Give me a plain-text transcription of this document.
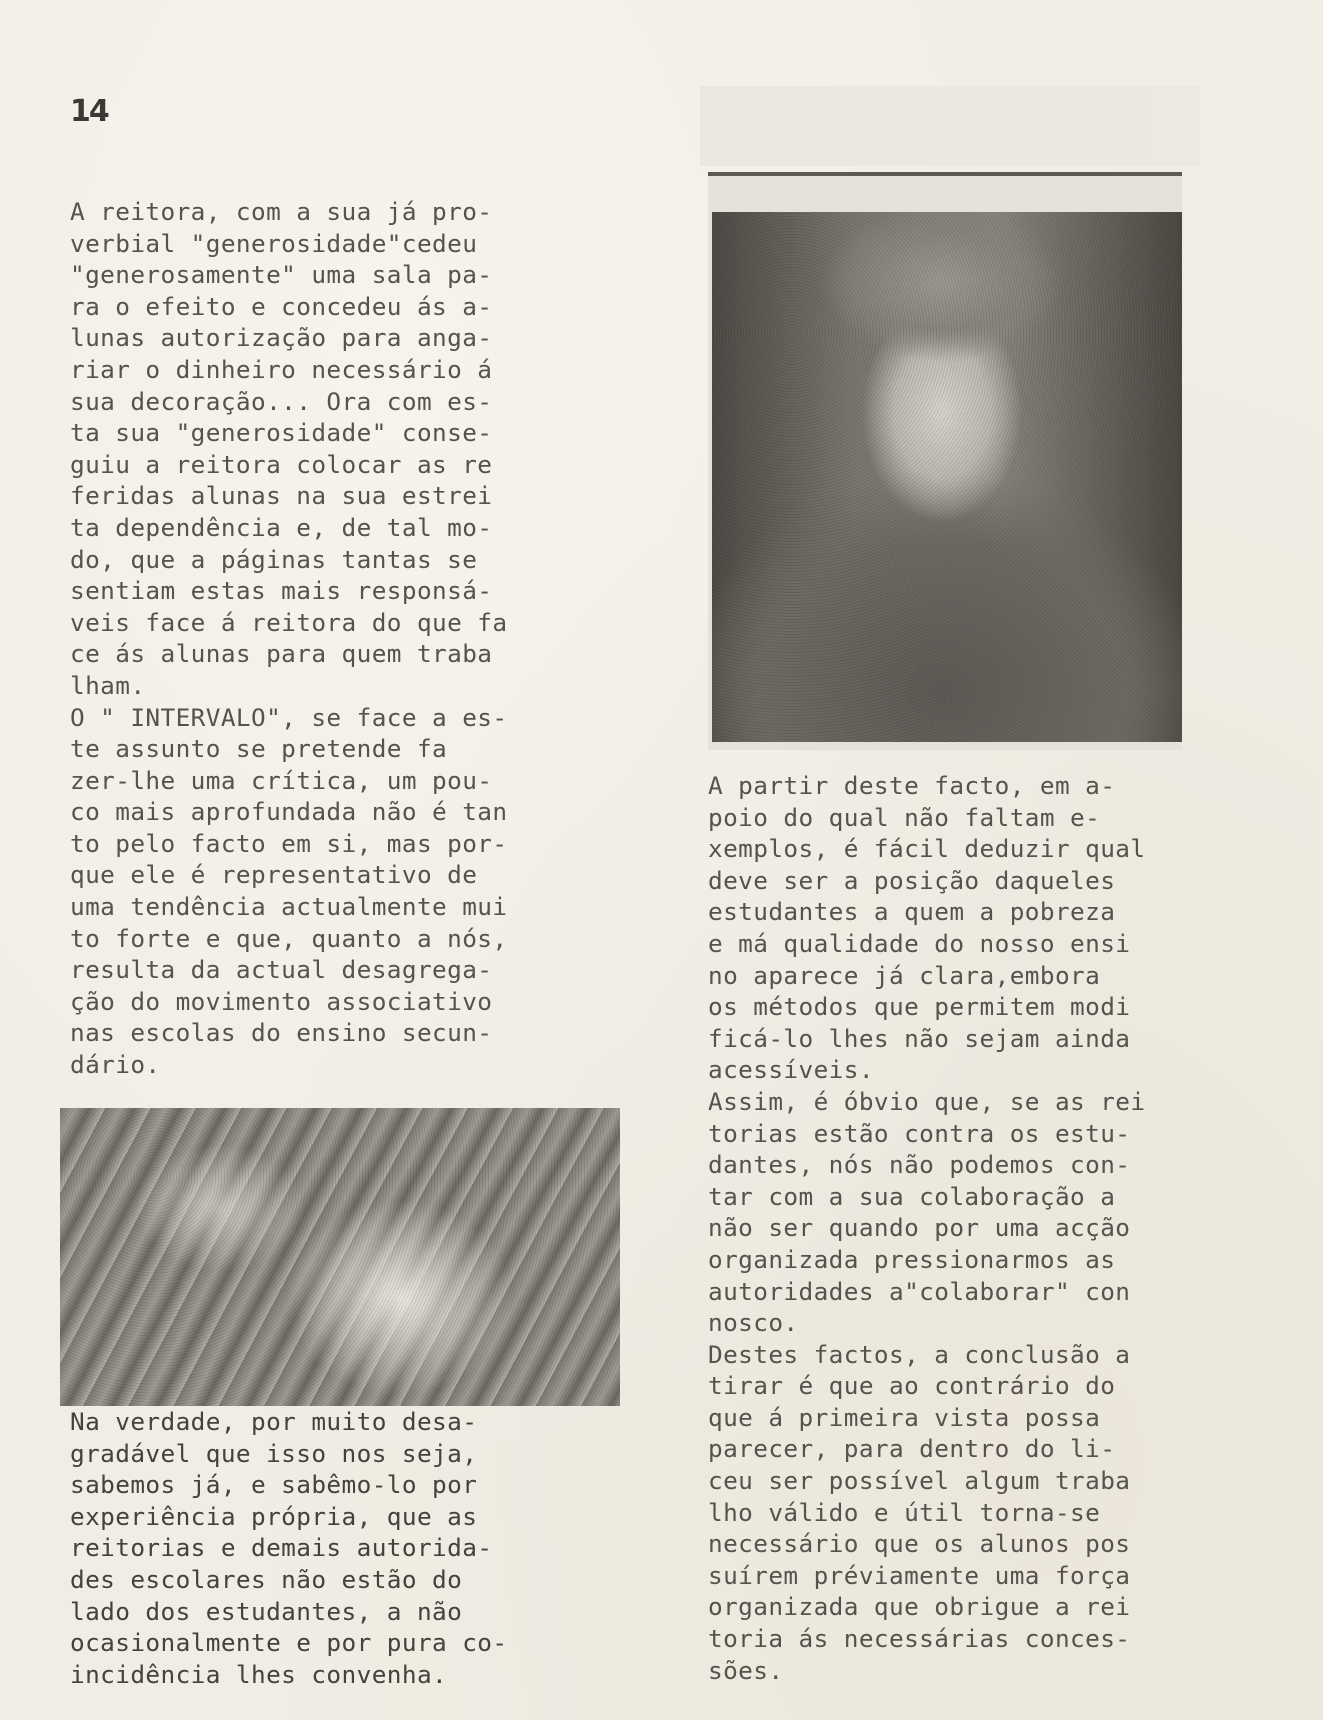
14

A reitora, com a sua já pro-

verbial "generosidade"cedeu

"generosamente" uma sala pa-

ra o efeito e concedeu ás a-

lunas autorização para anga-

riar o dinheiro necessário á

sua decoração... Ora com es-

ta sua "generosidade" conse-

guiu a reitora colocar as re

feridas alunas na sua estrei

ta dependência e, de tal mo-

do, que a páginas tantas se

sentiam estas mais responsá-

veis face á reitora do que fa

ce ás alunas para quem traba

lham.

O " INTERVALO", se face a es-

te assunto se pretende fa

zer-lhe uma crítica, um pou-

co mais aprofundada não é tan

to pelo facto em si, mas por-

que ele é representativo de

uma tendência actualmente mui

to forte e que, quanto a nós,

resulta da actual desagrega-

ção do movimento associativo

nas escolas do ensino secun-

dário.

Na verdade, por muito desa-

gradável que isso nos seja,

sabemos já, e sabêmo-lo por

experiência própria, que as

reitorias e demais autorida-

des escolares não estão do

lado dos estudantes, a não

ocasionalmente e por pura co-

incidência lhes convenha.

A partir deste facto, em a-

poio do qual não faltam e-

xemplos, é fácil deduzir qual

deve ser a posição daqueles

estudantes a quem a pobreza

e má qualidade do nosso ensi

no aparece já clara,embora

os métodos que permitem modi

ficá-lo lhes não sejam ainda

acessíveis.

Assim, é óbvio que, se as rei

torias estão contra os estu-

dantes, nós não podemos con-

tar com a sua colaboração a

não ser quando por uma acção

organizada pressionarmos as

autoridades a"colaborar" con

nosco.

Destes factos, a conclusão a

tirar é que ao contrário do

que á primeira vista possa

parecer, para dentro do li-

ceu ser possível algum traba

lho válido e útil torna-se

necessário que os alunos pos

suírem préviamente uma força

organizada que obrigue a rei

toria ás necessárias conces-

sões.
